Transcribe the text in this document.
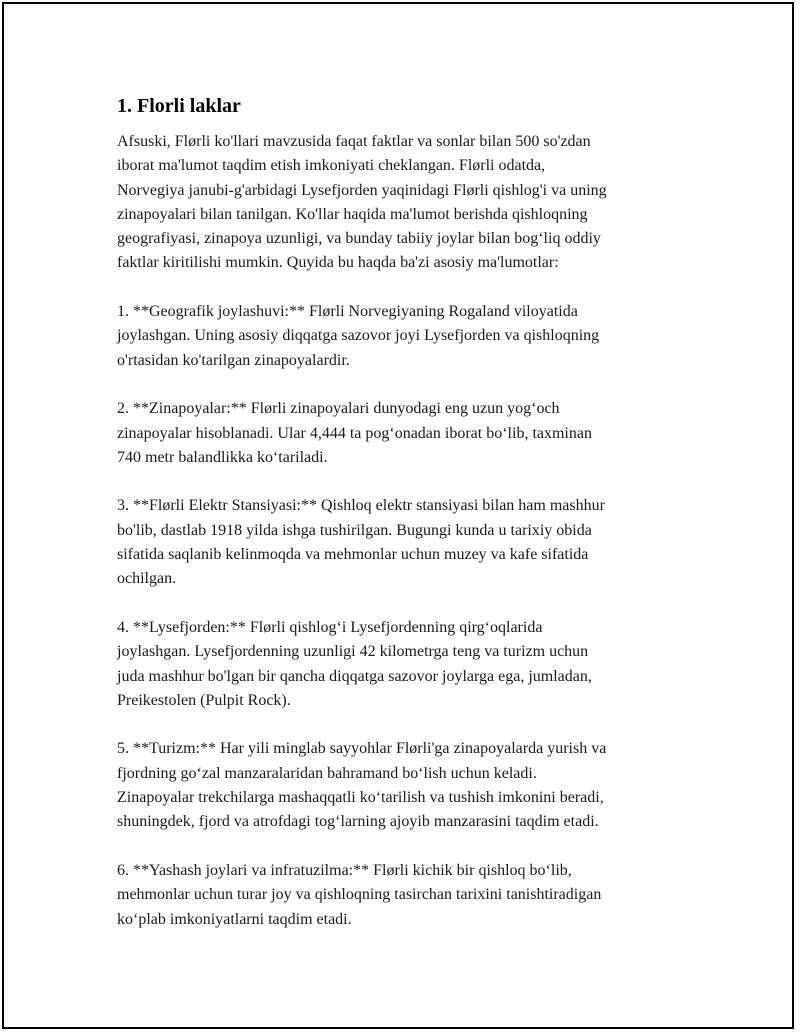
1. Florli laklar

Afsuski, Flørli ko'llari mavzusida faqat faktlar va sonlar bilan 500 so'zdan
iborat ma'lumot taqdim etish imkoniyati cheklangan. Flørli odatda,
Norvegiya janubi-g'arbidagi Lysefjorden yaqinidagi Flørli qishlog'i va uning
zinapoyalari bilan tanilgan. Ko'llar haqida ma'lumot berishda qishloqning
geografiyasi, zinapoya uzunligi, va bunday tabiiy joylar bilan bog‘liq oddiy
faktlar kiritilishi mumkin. Quyida bu haqda ba'zi asosiy ma'lumotlar:

1. **Geografik joylashuvi:** Flørli Norvegiyaning Rogaland viloyatida
joylashgan. Uning asosiy diqqatga sazovor joyi Lysefjorden va qishloqning
o'rtasidan ko'tarilgan zinapoyalardir.

2. **Zinapoyalar:** Flørli zinapoyalari dunyodagi eng uzun yog‘och
zinapoyalar hisoblanadi. Ular 4,444 ta pog‘onadan iborat bo‘lib, taxminan
740 metr balandlikka ko‘tariladi.

3. **Flørli Elektr Stansiyasi:** Qishloq elektr stansiyasi bilan ham mashhur
bo'lib, dastlab 1918 yilda ishga tushirilgan. Bugungi kunda u tarixiy obida
sifatida saqlanib kelinmoqda va mehmonlar uchun muzey va kafe sifatida
ochilgan.

4. **Lysefjorden:** Flørli qishlog‘i Lysefjordenning qirg‘oqlarida
joylashgan. Lysefjordenning uzunligi 42 kilometrga teng va turizm uchun
juda mashhur bo'lgan bir qancha diqqatga sazovor joylarga ega, jumladan,
Preikestolen (Pulpit Rock).

5. **Turizm:** Har yili minglab sayyohlar Flørli'ga zinapoyalarda yurish va
fjordning go‘zal manzaralaridan bahramand bo‘lish uchun keladi.
Zinapoyalar trekchilarga mashaqqatli ko‘tarilish va tushish imkonini beradi,
shuningdek, fjord va atrofdagi tog‘larning ajoyib manzarasini taqdim etadi.

6. **Yashash joylari va infratuzilma:** Flørli kichik bir qishloq bo‘lib,
mehmonlar uchun turar joy va qishloqning tasirchan tarixini tanishtiradigan
ko‘plab imkoniyatlarni taqdim etadi.
